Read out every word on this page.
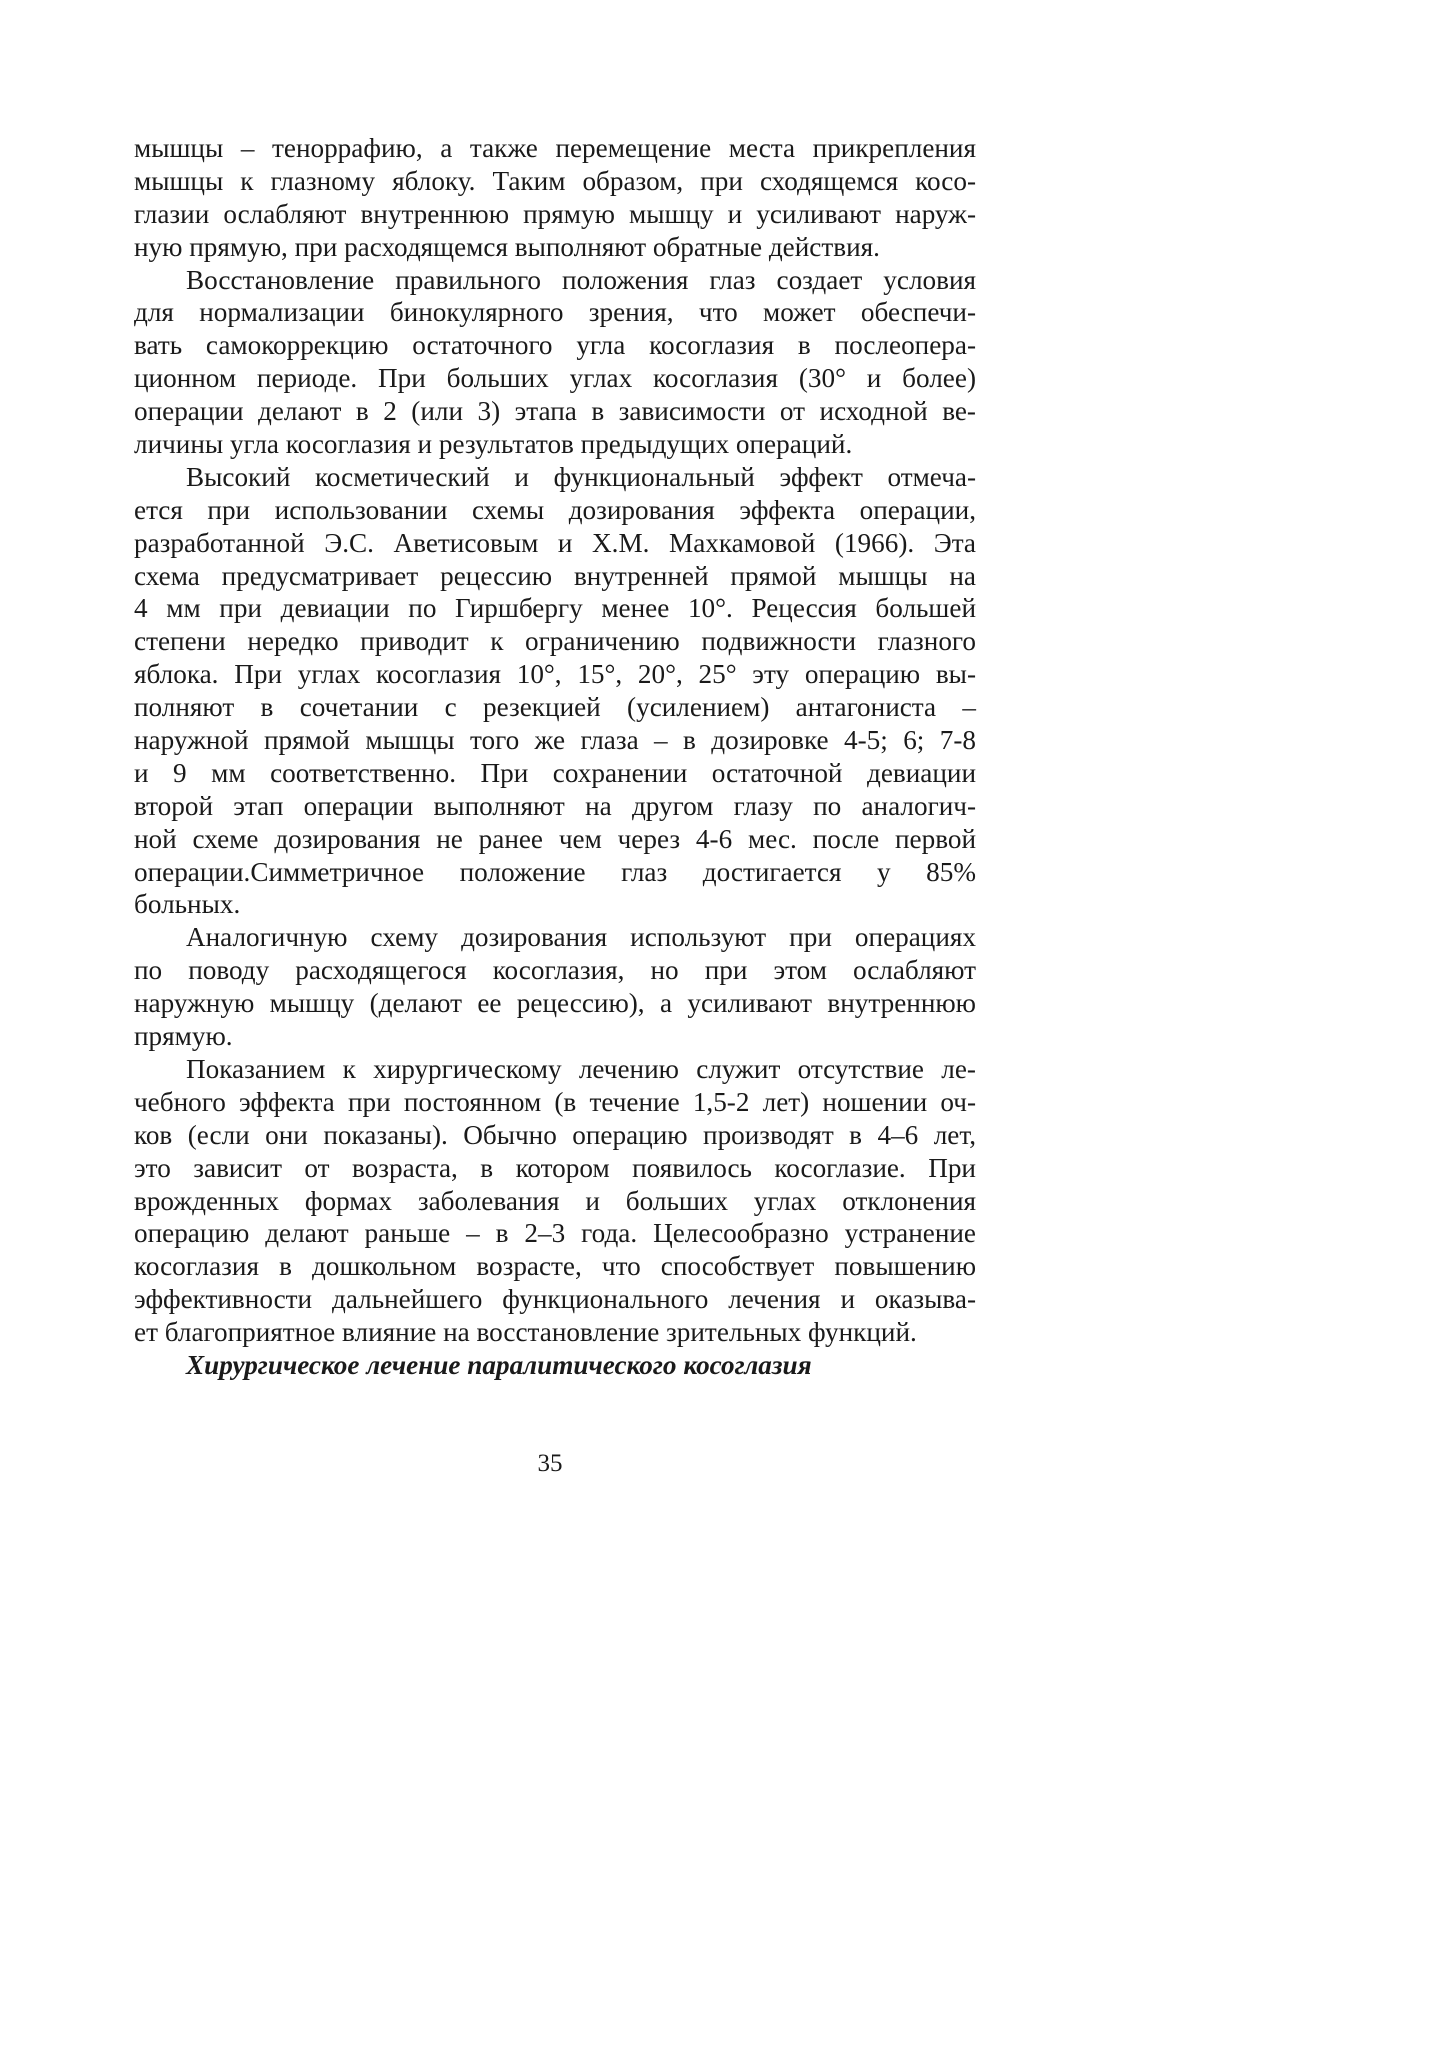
мышцы – теноррафию, а также перемещение места прикрепления
мышцы к глазному яблоку. Таким образом, при сходящемся косо-
глазии ослабляют внутреннюю прямую мышцу и усиливают наруж-
ную прямую, при расходящемся выполняют обратные действия.
Восстановление правильного положения глаз создает условия
для нормализации бинокулярного зрения, что может обеспечи-
вать самокоррекцию остаточного угла косоглазия в послеопера-
ционном периоде. При больших углах косоглазия (30° и более)
операции делают в 2 (или 3) этапа в зависимости от исходной ве-
личины угла косоглазия и результатов предыдущих операций.
Высокий косметический и функциональный эффект отмеча-
ется при использовании схемы дозирования эффекта операции,
разработанной Э.С. Аветисовым и Х.М. Махкамовой (1966). Эта
схема предусматривает рецессию внутренней прямой мышцы на
4 мм при девиации по Гиршбергу менее 10°. Рецессия большей
степени нередко приводит к ограничению подвижности глазного
яблока. При углах косоглазия 10°, 15°, 20°, 25° эту операцию вы-
полняют в сочетании с резекцией (усилением) антагониста –
наружной прямой мышцы того же глаза – в дозировке 4-5; 6; 7-8
и 9 мм соответственно. При сохранении остаточной девиации
второй этап операции выполняют на другом глазу по аналогич-
ной схеме дозирования не ранее чем через 4-6 мес. после первой
операции.Симметричное положение глаз достигается у 85%
больных.
Аналогичную схему дозирования используют при операциях
по поводу расходящегося косоглазия, но при этом ослабляют
наружную мышцу (делают ее рецессию), а усиливают внутреннюю
прямую.
Показанием к хирургическому лечению служит отсутствие ле-
чебного эффекта при постоянном (в течение 1,5-2 лет) ношении оч-
ков (если они показаны). Обычно операцию производят в 4–6 лет,
это зависит от возраста, в котором появилось косоглазие. При
врожденных формах заболевания и больших углах отклонения
операцию делают раньше – в 2–3 года. Целесообразно устранение
косоглазия в дошкольном возрасте, что способствует повышению
эффективности дальнейшего функционального лечения и оказыва-
ет благоприятное влияние на восстановление зрительных функций.
Хирургическое лечение паралитического косоглазия
35
